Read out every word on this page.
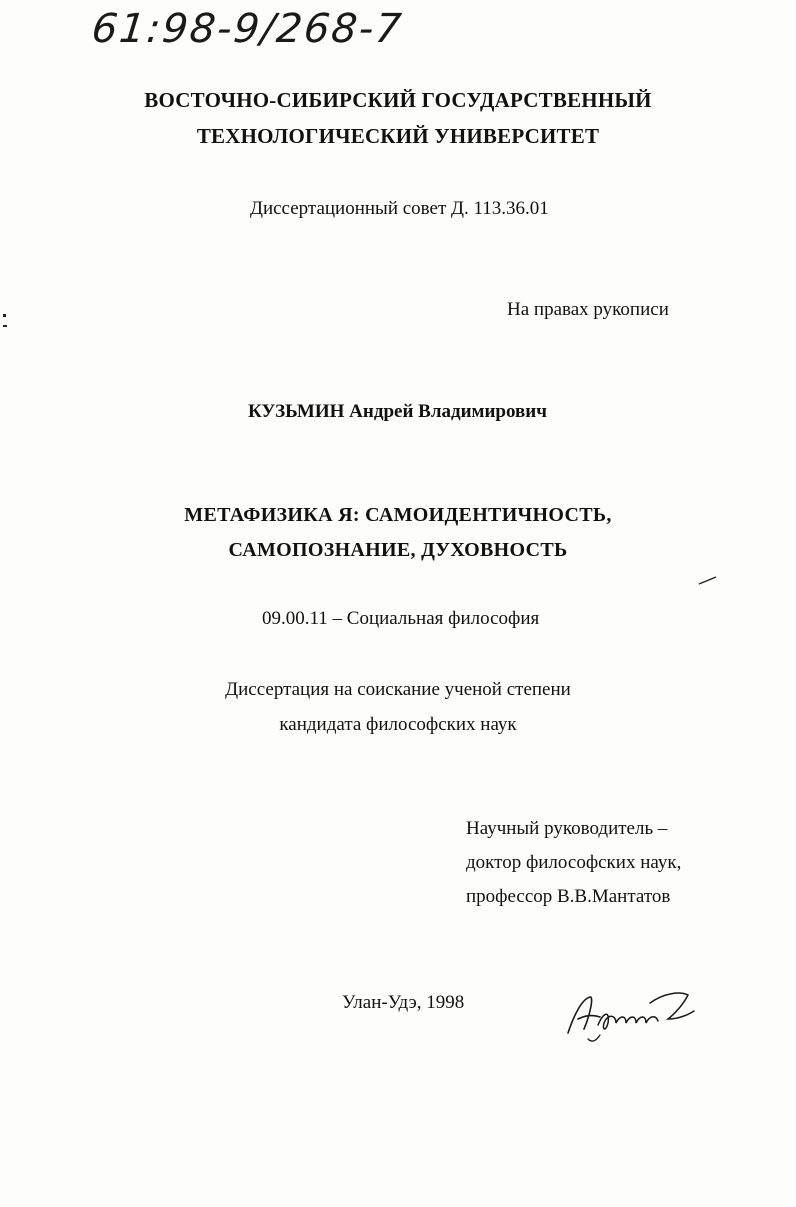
61:98-9/268-7
ВОСТОЧНО-СИБИРСКИЙ ГОСУДАРСТВЕННЫЙ
ТЕХНОЛОГИЧЕСКИЙ УНИВЕРСИТЕТ
Диссертационный совет Д. 113.36.01
На правах рукописи
КУЗЬМИН Андрей Владимирович
МЕТАФИЗИКА Я: САМОИДЕНТИЧНОСТЬ,
САМОПОЗНАНИЕ, ДУХОВНОСТЬ
09.00.11 – Социальная философия
Диссертация на соискание ученой степени
кандидата философских наук
Научный руководитель –
доктор философских наук,
профессор В.В.Мантатов
Улан-Удэ, 1998
